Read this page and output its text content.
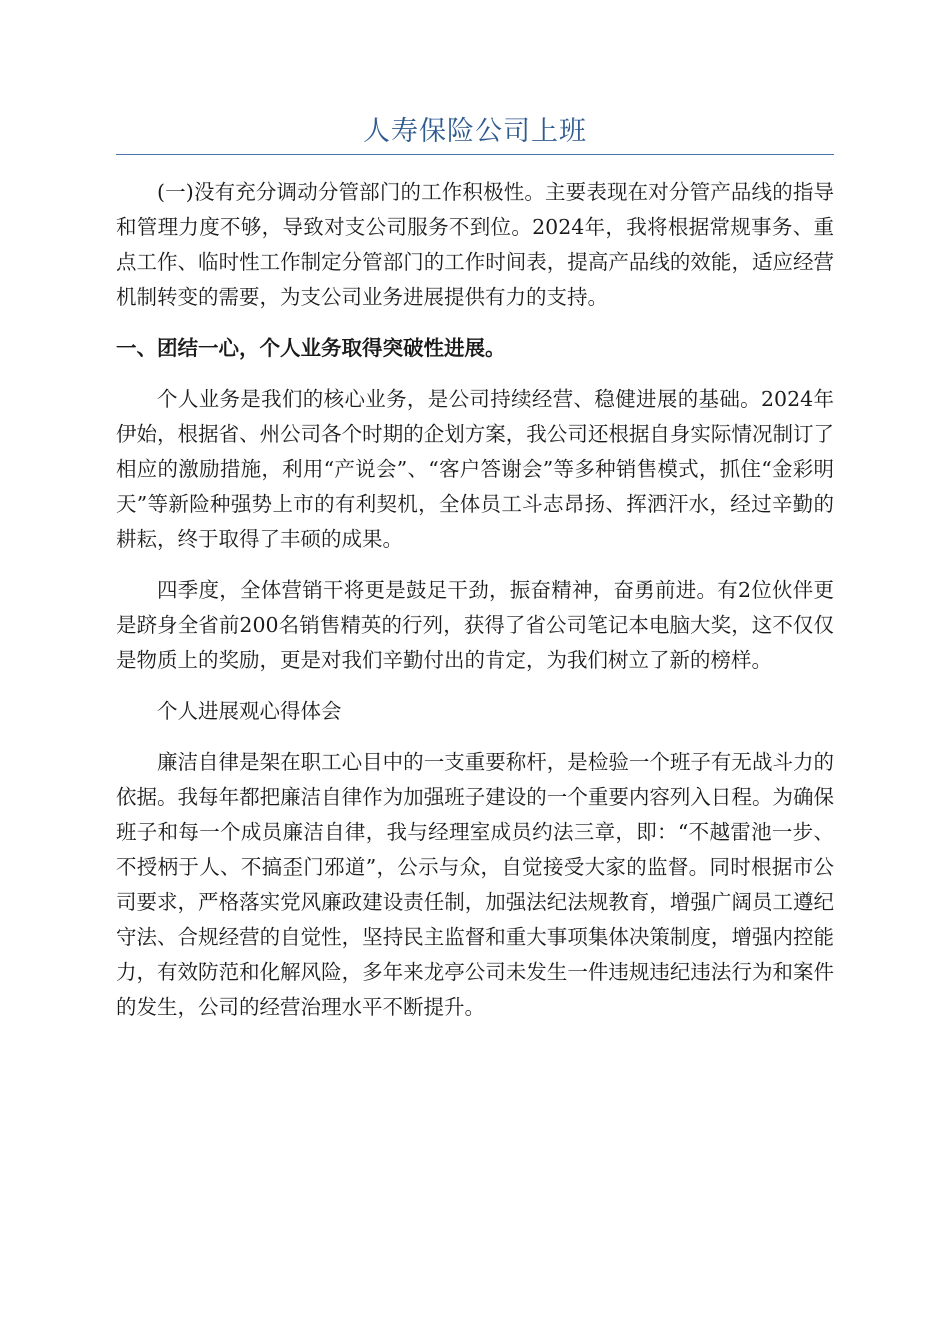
人寿保险公司上班

(一)没有充分调动分管部门的工作积极性。主要表现在对分管产品线的指导和管理力度不够，导致对支公司服务不到位。2024年，我将根据常规事务、重点工作、临时性工作制定分管部门的工作时间表，提高产品线的效能，适应经营机制转变的需要，为支公司业务进展提供有力的支持。

一、团结一心，个人业务取得突破性进展。

个人业务是我们的核心业务，是公司持续经营、稳健进展的基础。2024年伊始，根据省、州公司各个时期的企划方案，我公司还根据自身实际情况制订了相应的激励措施，利用“产说会”、“客户答谢会”等多种销售模式，抓住“金彩明天”等新险种强势上市的有利契机，全体员工斗志昂扬、挥洒汗水，经过辛勤的耕耘，终于取得了丰硕的成果。

四季度，全体营销干将更是鼓足干劲，振奋精神，奋勇前进。有2位伙伴更是跻身全省前200名销售精英的行列，获得了省公司笔记本电脑大奖，这不仅仅是物质上的奖励，更是对我们辛勤付出的肯定，为我们树立了新的榜样。

个人进展观心得体会

廉洁自律是架在职工心目中的一支重要称杆，是检验一个班子有无战斗力的依据。我每年都把廉洁自律作为加强班子建设的一个重要内容列入日程。为确保班子和每一个成员廉洁自律，我与经理室成员约法三章，即：“不越雷池一步、不授柄于人、不搞歪门邪道”，公示与众，自觉接受大家的监督。同时根据市公司要求，严格落实党风廉政建设责任制，加强法纪法规教育，增强广阔员工遵纪守法、合规经营的自觉性，坚持民主监督和重大事项集体决策制度，增强内控能力，有效防范和化解风险，多年来龙亭公司未发生一件违规违纪违法行为和案件的发生，公司的经营治理水平不断提升。
